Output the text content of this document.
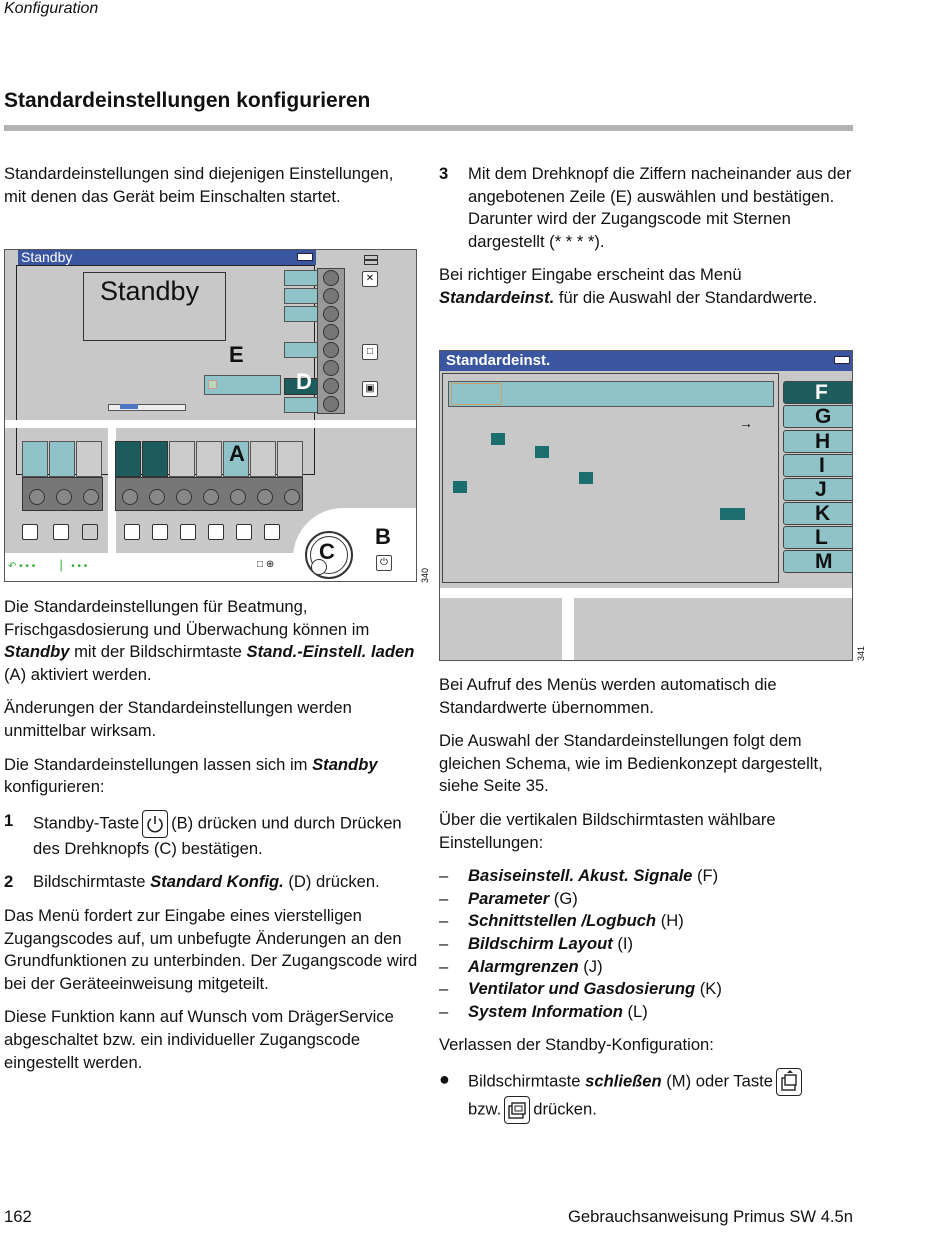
Konfiguration
Standardeinstellungen konfigurieren

Standardeinstellungen sind diejenigen Einstellungen, mit denen das Gerät beim Einschalten startet.

Standby
Standby	✕
□
▣
E
D
A
C
B
⏻
↶ • • •    ▏ • • •	□ ⊕
340

Die Standardeinstellungen für Beatmung, Frischgasdosierung und Überwachung können im Standby mit der Bildschirmtaste Stand.-Einstell. laden (A) aktiviert werden.

Änderungen der Standardeinstellungen werden unmittelbar wirksam.

Die Standardeinstellungen lassen sich im Standby konfigurieren:

1	Standby-Taste (B) drücken und durch Drücken des Drehknopfs (C) bestätigen.
2	Bildschirmtaste Standard Konfig. (D) drücken.

Das Menü fordert zur Eingabe eines vierstelligen Zugangscodes auf, um unbefugte Änderungen an den Grundfunktionen zu unterbinden. Der Zugangscode wird bei der Geräteeinweisung mitgeteilt.

Diese Funktion kann auf Wunsch vom DrägerService abgeschaltet bzw. ein individueller Zugangscode eingestellt werden.

3	Mit dem Drehknopf die Ziffern nacheinander aus der angebotenen Zeile (E) auswählen und bestätigen. Darunter wird der Zugangscode mit Sternen dargestellt (* * * *).

Bei richtiger Eingabe erscheint das Menü Standardeinst. für die Auswahl der Standardwerte.

Standardeinst.
→
F
G
H
I
J
K
L
M
341

Bei Aufruf des Menüs werden automatisch die Standardwerte übernommen.

Die Auswahl der Standardeinstellungen folgt dem gleichen Schema, wie im Bedienkonzept dargestellt, siehe Seite 35.

Über die vertikalen Bildschirmtasten wählbare Einstellungen:

–	Basiseinstell. Akust. Signale (F)
–	Parameter (G)
–	Schnittstellen /Logbuch (H)
–	Bildschirm Layout (I)
–	Alarmgrenzen (J)
–	Ventilator und Gasdosierung (K)
–	System Information (L)

Verlassen der Standby-Konfiguration:

●	Bildschirmtaste schließen (M) oder Taste
bzw. drücken.
162	Gebrauchsanweisung Primus SW 4.5n
